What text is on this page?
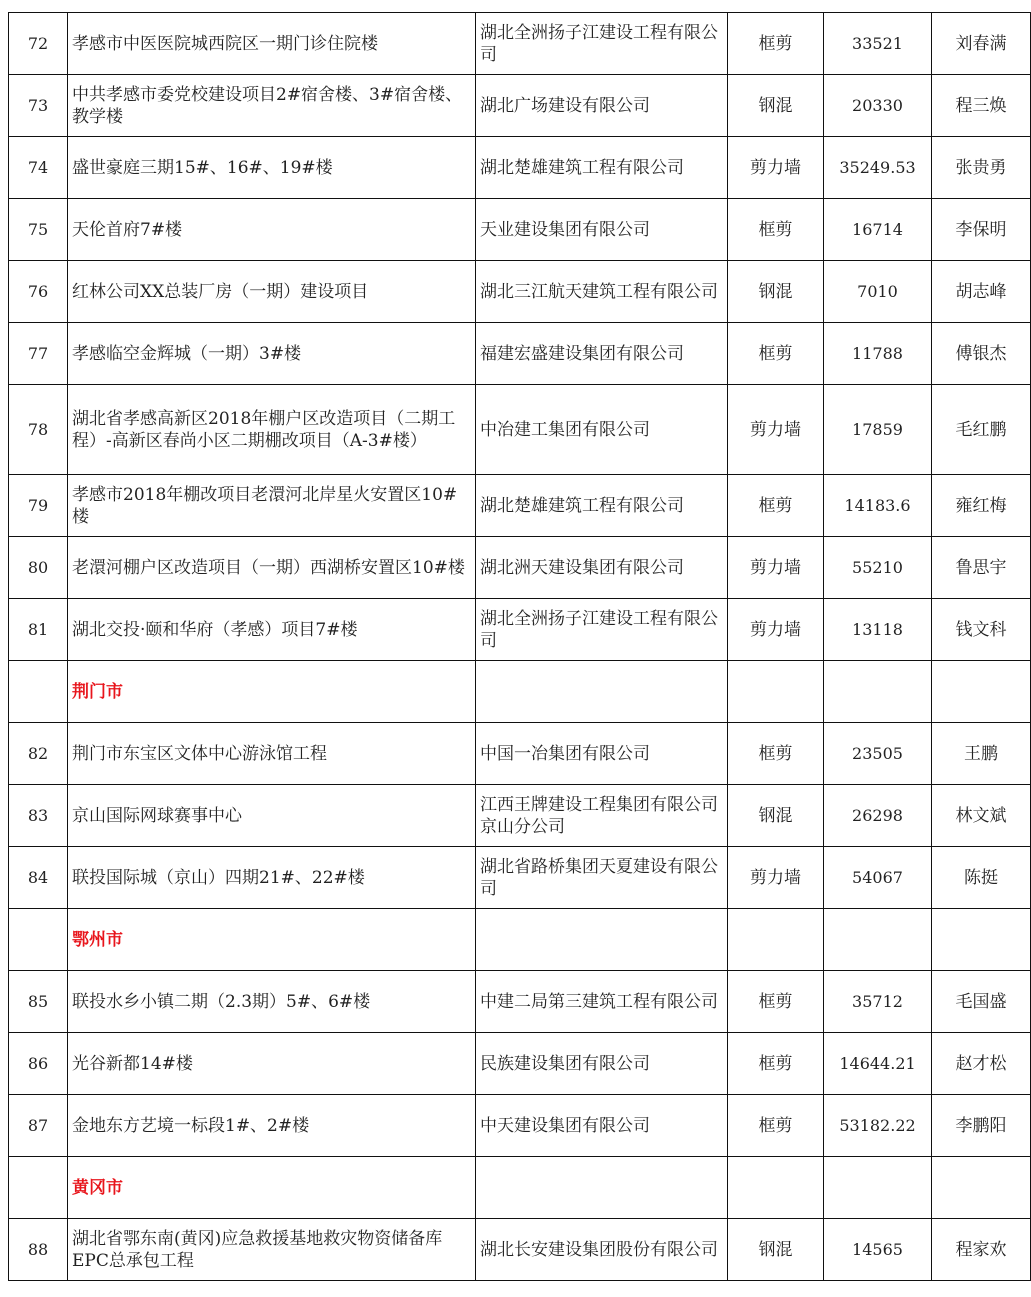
72	孝感市中医医院城西院区一期门诊住院楼	湖北全洲扬子江建设工程有限公司	框剪	33521	刘春满
73	中共孝感市委党校建设项目2#宿舍楼、3#宿舍楼、教学楼	湖北广场建设有限公司	钢混	20330	程三焕
74	盛世豪庭三期15#、16#、19#楼	湖北楚雄建筑工程有限公司	剪力墙	35249.53	张贵勇
75	天伦首府7#楼	天业建设集团有限公司	框剪	16714	李保明
76	红林公司XX总装厂房（一期）建设项目	湖北三江航天建筑工程有限公司	钢混	7010	胡志峰
77	孝感临空金辉城（一期）3#楼	福建宏盛建设集团有限公司	框剪	11788	傅银杰
78	湖北省孝感高新区2018年棚户区改造项目（二期工程）-高新区春尚小区二期棚改项目（A-3#楼）	中冶建工集团有限公司	剪力墙	17859	毛红鹏
79	孝感市2018年棚改项目老澴河北岸星火安置区10#楼	湖北楚雄建筑工程有限公司	框剪	14183.6	雍红梅
80	老澴河棚户区改造项目（一期）西湖桥安置区10#楼	湖北洲天建设集团有限公司	剪力墙	55210	鲁思宇
81	湖北交投·颐和华府（孝感）项目7#楼	湖北全洲扬子江建设工程有限公司	剪力墙	13118	钱文科
	荆门市				
82	荆门市东宝区文体中心游泳馆工程	中国一冶集团有限公司	框剪	23505	王鹏
83	京山国际网球赛事中心	江西王牌建设工程集团有限公司京山分公司	钢混	26298	林文斌
84	联投国际城（京山）四期21#、22#楼	湖北省路桥集团天夏建设有限公司	剪力墙	54067	陈挺
	鄂州市				
85	联投水乡小镇二期（2.3期）5#、6#楼	中建二局第三建筑工程有限公司	框剪	35712	毛国盛
86	光谷新都14#楼	民族建设集团有限公司	框剪	14644.21	赵才松
87	金地东方艺境一标段1#、2#楼	中天建设集团有限公司	框剪	53182.22	李鹏阳
	黄冈市				
88	湖北省鄂东南(黄冈)应急救援基地救灾物资储备库EPC总承包工程	湖北长安建设集团股份有限公司	钢混	14565	程家欢
